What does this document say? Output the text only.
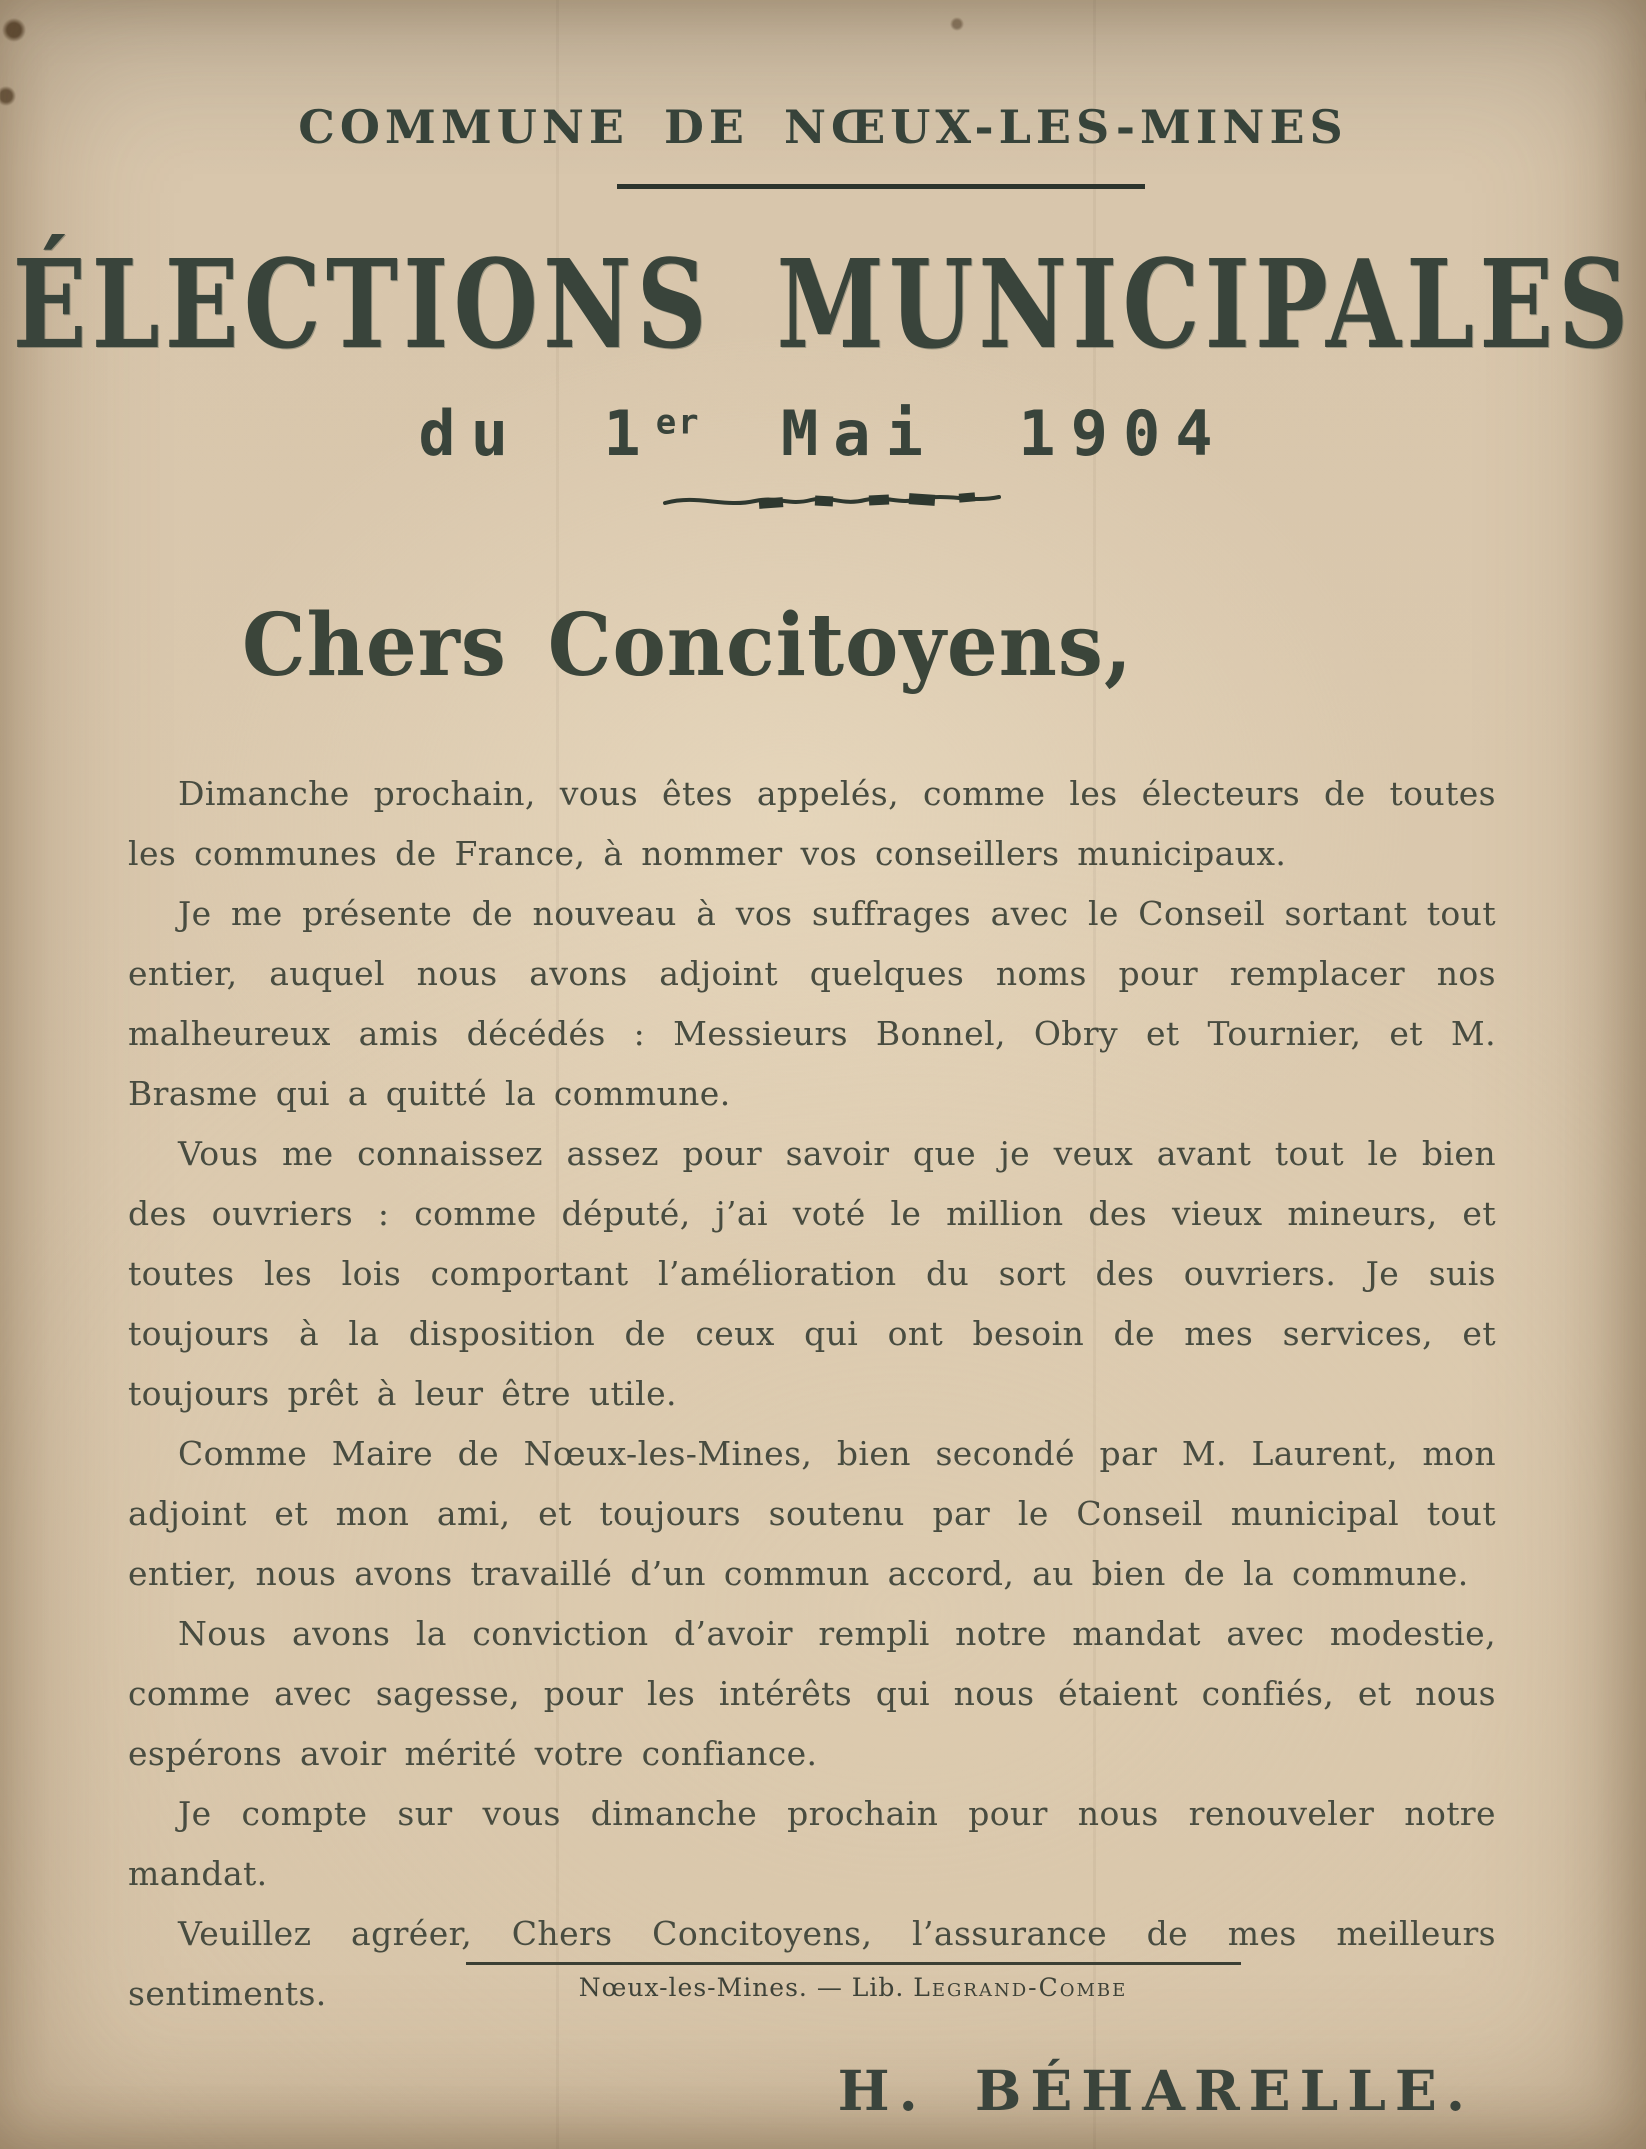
COMMUNE DE NŒUX-LES-MINES
ÉLECTIONS MUNICIPALES
du 1er Mai 1904
Chers Concitoyens,

Dimanche prochain, vous êtes appelés, comme les électeurs de toutes les communes de France, à nommer vos conseillers municipaux.

Je me présente de nouveau à vos suffrages avec le Conseil sortant tout entier, auquel nous avons adjoint quelques noms pour remplacer nos malheureux amis décédés : Messieurs Bonnel, Obry et Tournier, et M. Brasme qui a quitté la commune.

Vous me connaissez assez pour savoir que je veux avant tout le bien des ouvriers : comme député, j’ai voté le million des vieux mineurs, et toutes les lois comportant l’amélioration du sort des ouvriers. Je suis toujours à la disposition de ceux qui ont besoin de mes services, et toujours prêt à leur être utile.

Comme Maire de Nœux-les-Mines, bien secondé par M. Laurent, mon adjoint et mon ami, et toujours soutenu par le Conseil municipal tout entier, nous avons travaillé d’un commun accord, au bien de la commune.

Nous avons la conviction d’avoir rempli notre mandat avec modestie, comme avec sagesse, pour les intérêts qui nous étaient confiés, et nous espérons avoir mérité votre confiance.

Je compte sur vous dimanche prochain pour nous renouveler notre mandat.

Veuillez agréer, Chers Concitoyens, l’assurance de mes meilleurs sentiments.

H. BÉHARELLE.
Nœux-les-Mines. — Lib. Legrand-Combe
